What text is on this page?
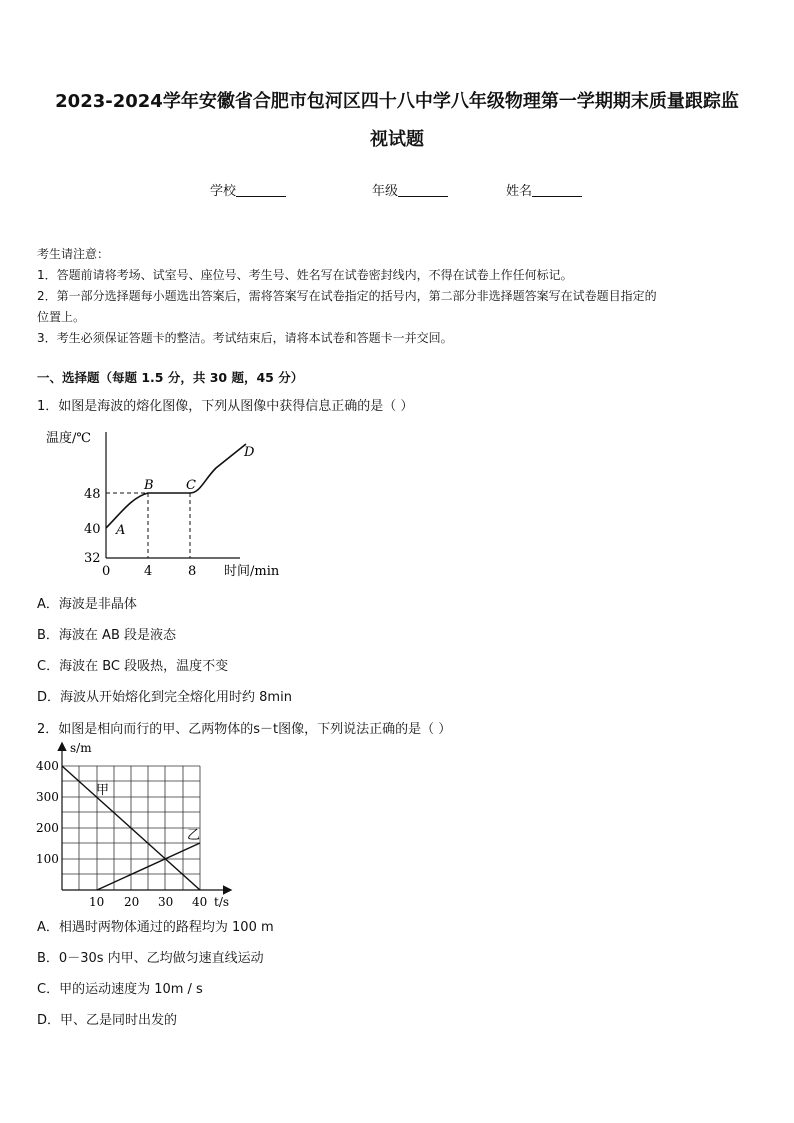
2023-2024学年安徽省合肥市包河区四十八中学八年级物理第一学期期末质量跟踪监
视试题
学校	年级	姓名

考生请注意：

1．答题前请将考场、试室号、座位号、考生号、姓名写在试卷密封线内，不得在试卷上作任何标记。

2．第一部分选择题每小题选出答案后，需将答案写在试卷指定的括号内，第二部分非选择题答案写在试卷题目指定的

位置上。

3．考生必须保证答题卡的整洁。考试结束后，请将本试卷和答题卡一并交回。

一、选择题（每题 1.5 分，共 30 题，45 分）
1．如图是海波的熔化图像，下列从图像中获得信息正确的是（ ）
温度/℃
48
40
32
0	4	8 时间/min
A
B C
D
A．海波是非晶体
B．海波在 AB 段是液态
C．海波在 BC 段吸热，温度不变
D．海波从开始熔化到完全熔化用时约 8min
2．如图是相向而行的甲、乙两物体的s－t图像，下列说法正确的是（ ）
s/m
t/s
400
300
200
100
10 20 30 40
甲
乙
A．相遇时两物体通过的路程均为 100 m
B．0－30s 内甲、乙均做匀速直线运动
C．甲的运动速度为 10m / s
D．甲、乙是同时出发的
